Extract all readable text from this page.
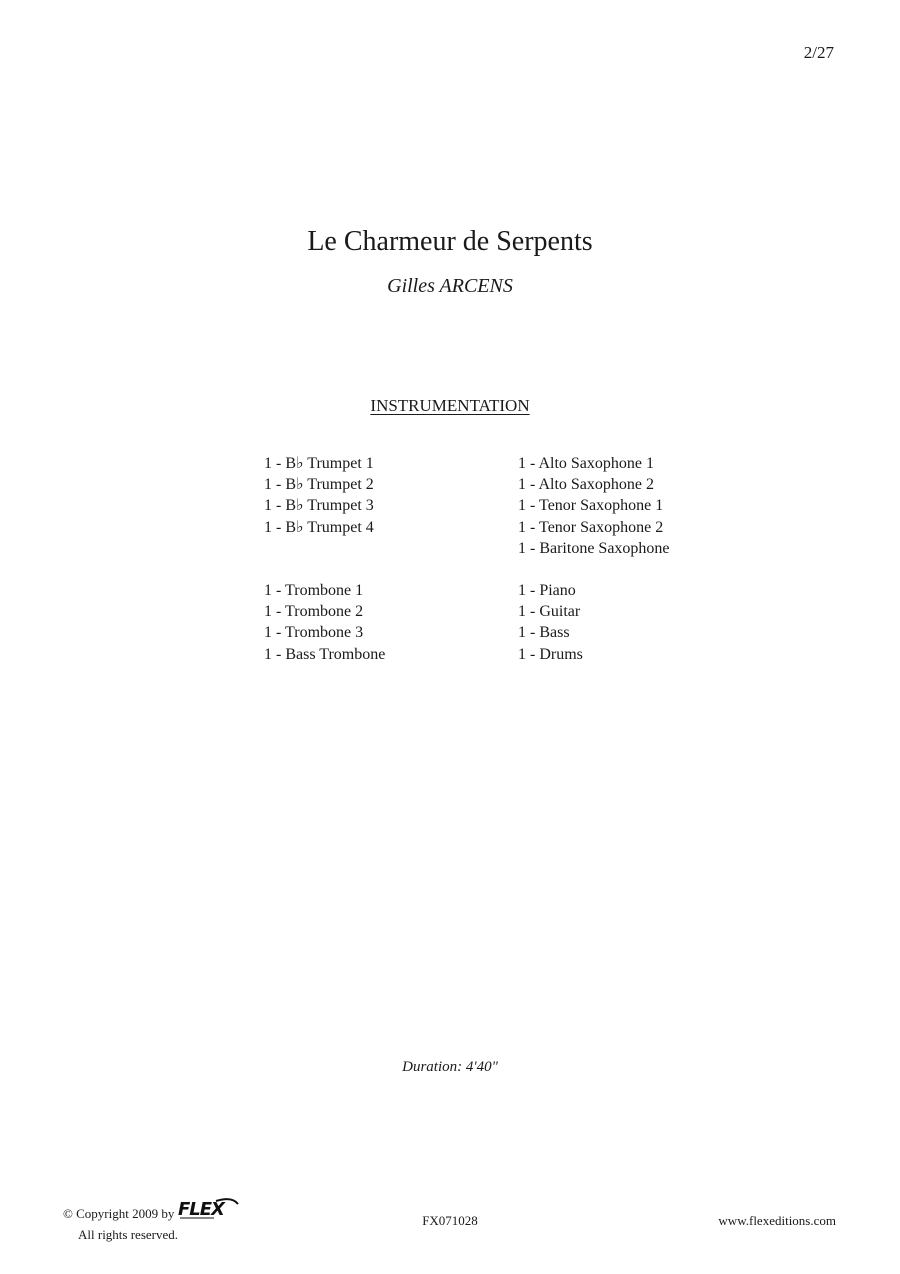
2/27
Le Charmeur de Serpents
Gilles ARCENS
INSTRUMENTATION
1 - B♭ Trumpet 1
1 - B♭ Trumpet 2
1 - B♭ Trumpet 3
1 - B♭ Trumpet 4
1 - Alto Saxophone 1
1 - Alto Saxophone 2
1 - Tenor Saxophone 1
1 - Tenor Saxophone 2
1 - Baritone Saxophone
1 - Trombone 1
1 - Trombone 2
1 - Trombone 3
1 - Bass Trombone
1 - Piano
1 - Guitar
1 - Bass
1 - Drums
Duration: 4'40"
© Copyright 2009 by FLEX
All rights reserved.
FX071028	www.flexeditions.com
